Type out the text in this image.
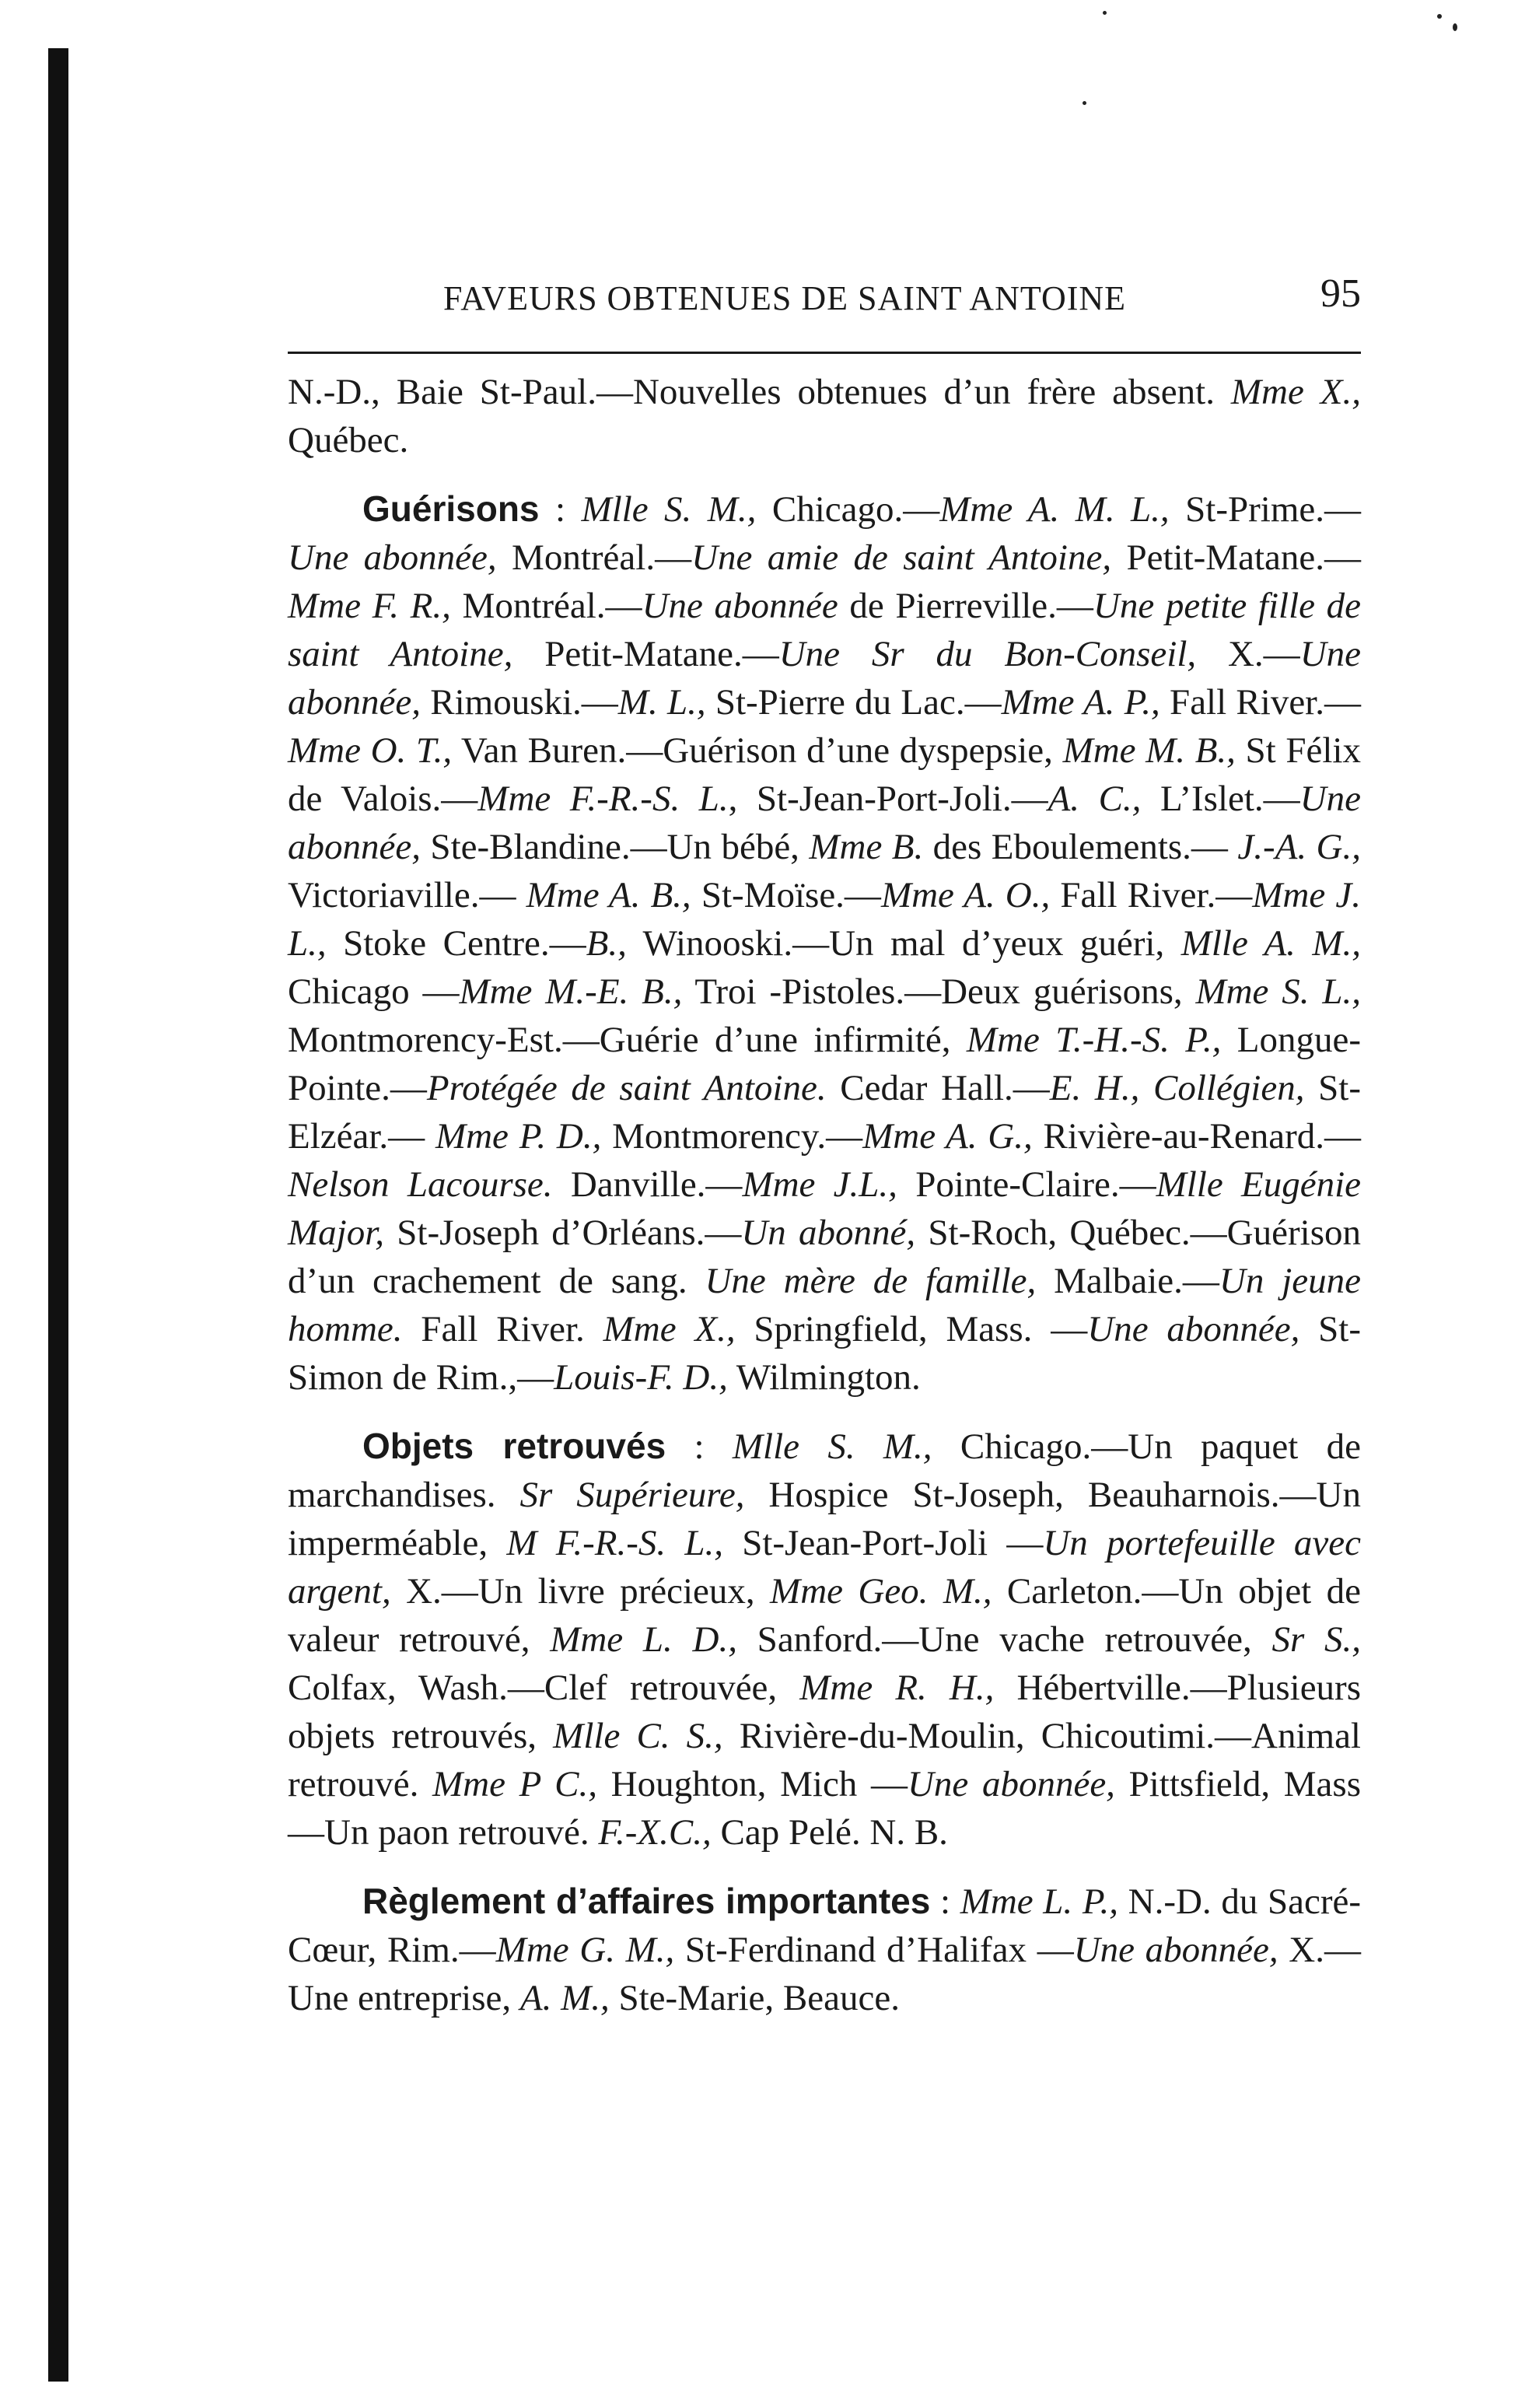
FAVEURS OBTENUES DE SAINT ANTOINE	95

N.-D., Baie St-Paul.—Nouvelles obtenues d’un frère absent. Mme X., Québec.

Guérisons : Mlle S. M., Chicago.—Mme A. M. L., St-Prime.—Une abonnée, Montréal.—Une amie de saint Antoine, Petit-Matane.—Mme F. R., Montréal.—Une abonnée de Pierreville.—Une petite fille de saint Antoine, Petit-Matane.—Une Sr du Bon-Conseil, X.—Une abonnée, Rimouski.—M. L., St-Pierre du Lac.—Mme A. P., Fall River.—Mme O. T., Van Buren.—Guérison d’une dyspepsie, Mme M. B., St Félix de Valois.—Mme F.-R.-S. L., St-Jean-Port-Joli.—A. C., L’Islet.—Une abonnée, Ste-Blandine.—Un bébé, Mme B. des Eboulements.— J.-A. G., Victoriaville.— Mme A. B., St-Moïse.—Mme A. O., Fall River.—Mme J. L., Stoke Centre.—B., Winooski.—Un mal d’yeux guéri, Mlle A. M., Chicago —Mme M.-E. B., Troi -Pistoles.—Deux guérisons, Mme S. L., Montmorency-Est.—Guérie d’une infirmité, Mme T.-H.-S. P., Longue-Pointe.—Protégée de saint Antoine. Cedar Hall.—E. H., Collégien, St-Elzéar.— Mme P. D., Montmorency.—Mme A. G., Rivière-au-Renard.—Nelson Lacourse. Danville.—Mme J.L., Pointe-Claire.—Mlle Eugénie Major, St-Joseph d’Orléans.—Un abonné, St-Roch, Québec.—Guérison d’un crachement de sang. Une mère de famille, Malbaie.—Un jeune homme. Fall River. Mme X., Springfield, Mass. —Une abonnée, St-Simon de Rim.,—Louis-F. D., Wilmington.

Objets retrouvés : Mlle S. M., Chicago.—Un paquet de marchandises. Sr Supérieure, Hospice St-Joseph, Beauharnois.—Un imperméable, M F.-R.-S. L., St-Jean-Port-Joli —Un portefeuille avec argent, X.—Un livre précieux, Mme Geo. M., Carleton.—Un objet de valeur retrouvé, Mme L. D., Sanford.—Une vache retrouvée, Sr S., Colfax, Wash.—Clef retrouvée, Mme R. H., Hébertville.—Plusieurs objets retrouvés, Mlle C. S., Rivière-du-Moulin, Chicoutimi.—Animal retrouvé. Mme P C., Houghton, Mich —Une abonnée, Pittsfield, Mass —Un paon retrouvé. F.-X.C., Cap Pelé. N. B.

Règlement d’affaires importantes : Mme L. P., N.-D. du Sacré-Cœur, Rim.—Mme G. M., St-Ferdinand d’Halifax —Une abonnée, X.—Une entreprise, A. M., Ste-Marie, Beauce.
